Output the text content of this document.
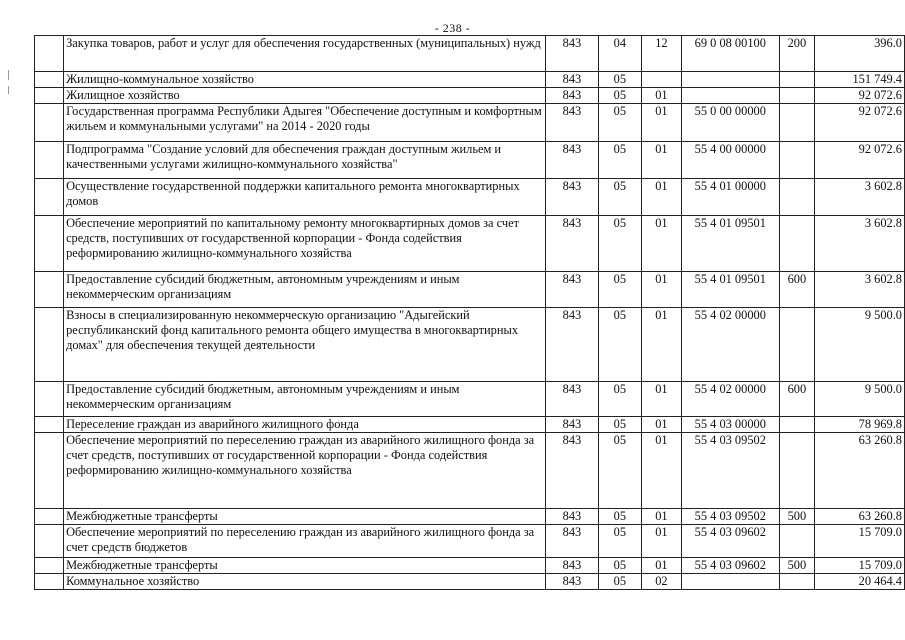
- 238 -
	Закупка товаров, работ и услуг для обеспечения государственных (муниципальных) нужд	843	04	12	69 0 08 00100	200	396.0
	Жилищно-коммунальное хозяйство	843	05				151 749.4
	Жилищное хозяйство	843	05	01			92 072.6
	Государственная программа Республики Адыгея "Обеспечение доступным и комфортным жильем и коммунальными услугами" на 2014 - 2020 годы	843	05	01	55 0 00 00000		92 072.6
	Подпрограмма "Создание условий для обеспечения граждан доступным жильем и качественными услугами жилищно-коммунального хозяйства"	843	05	01	55 4 00 00000		92 072.6
	Осуществление государственной поддержки капитального ремонта многоквартирных домов	843	05	01	55 4 01 00000		3 602.8
	Обеспечение мероприятий по капитальному ремонту многоквартирных домов за счет средств, поступивших от государственной корпорации - Фонда содействия реформированию жилищно-коммунального хозяйства	843	05	01	55 4 01 09501		3 602.8
	Предоставление субсидий бюджетным, автономным учреждениям и иным некоммерческим организациям	843	05	01	55 4 01 09501	600	3 602.8
	Взносы в специализированную некоммерческую организацию "Адыгейский республиканский фонд капитального ремонта общего имущества в многоквартирных домах" для обеспечения текущей деятельности	843	05	01	55 4 02 00000		9 500.0
	Предоставление субсидий бюджетным, автономным учреждениям и иным некоммерческим организациям	843	05	01	55 4 02 00000	600	9 500.0
	Переселение граждан из аварийного жилищного фонда	843	05	01	55 4 03 00000		78 969.8
	Обеспечение мероприятий по переселению граждан из аварийного жилищного фонда за счет средств, поступивших от государственной корпорации - Фонда содействия реформированию жилищно-коммунального хозяйства	843	05	01	55 4 03 09502		63 260.8
	Межбюджетные трансферты	843	05	01	55 4 03 09502	500	63 260.8
	Обеспечение мероприятий по переселению граждан из аварийного жилищного фонда за счет средств бюджетов	843	05	01	55 4 03 09602		15 709.0
	Межбюджетные трансферты	843	05	01	55 4 03 09602	500	15 709.0
	Коммунальное хозяйство	843	05	02			20 464.4
